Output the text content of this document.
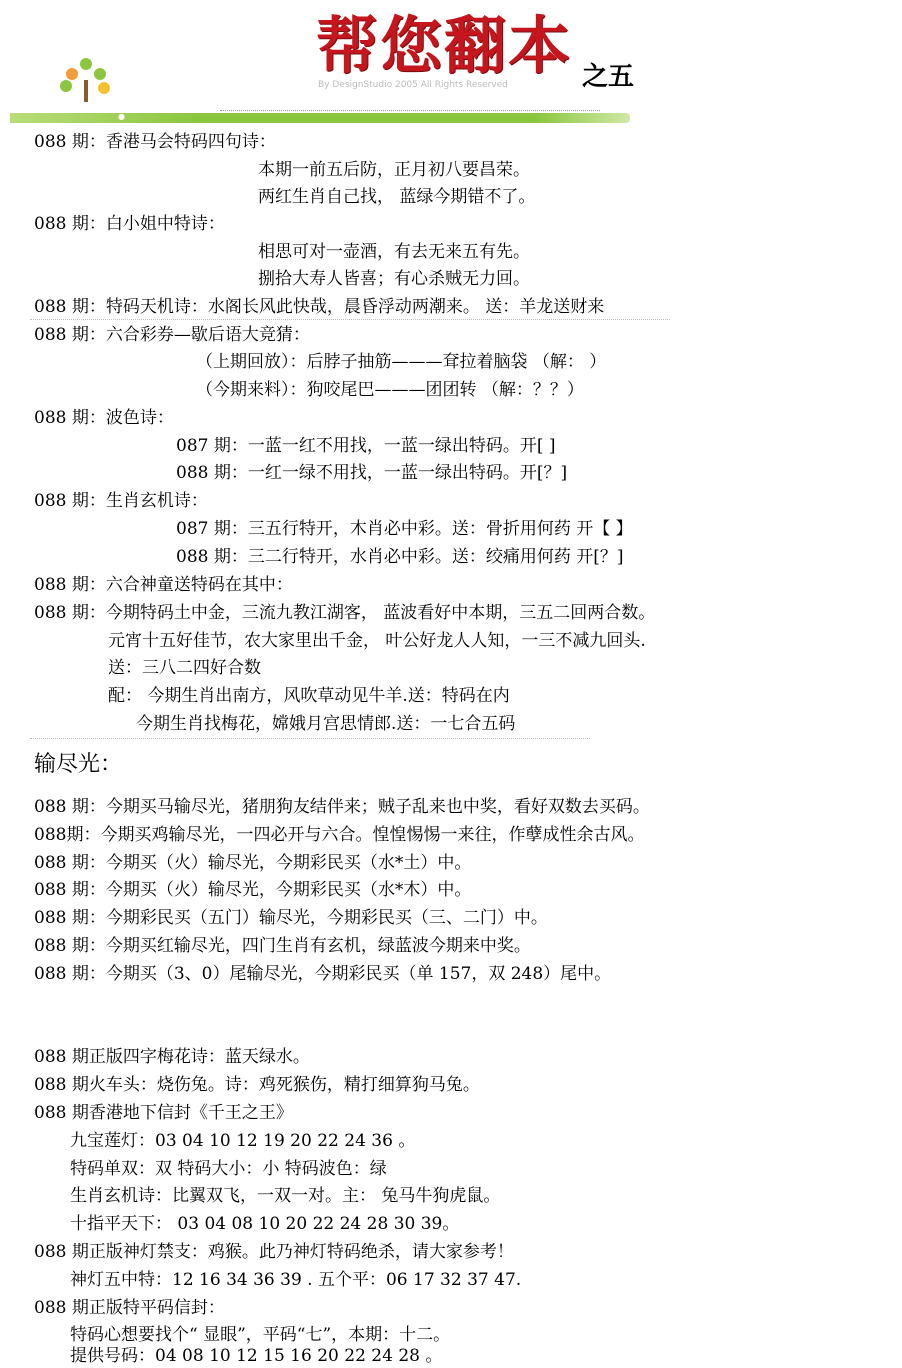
●
By DesignStudio 2005 All Rights Reserved
帮您翻本 之五
088 期：香港马会特码四句诗：
本期一前五后防，正月初八要昌荣。
两红生肖自己找， 蓝绿今期错不了。
088 期：白小姐中特诗：
相思可对一壶酒，有去无来五有先。
捌拾大寿人皆喜；有心杀贼无力回。
088 期：特码天机诗：水阁长风此快哉，晨昏浮动两潮来。 送：羊龙送财来
088 期：六合彩券—歇后语大竞猜：
（上期回放）：后脖子抽筋———耷拉着脑袋 （解： ）
（今期来料）：狗咬尾巴———团团转 （解：？？）
088 期：波色诗：
087 期：一蓝一红不用找，一蓝一绿出特码。开[ ]
088 期：一红一绿不用找，一蓝一绿出特码。开[？]
088 期：生肖玄机诗：
087 期：三五行特开，木肖必中彩。送：骨折用何药 开【 】
088 期：三二行特开，水肖必中彩。送：绞痛用何药 开[？]
088 期：六合神童送特码在其中：
088 期：今期特码土中金，三流九教江湖客， 蓝波看好中本期，三五二回两合数。
元宵十五好佳节，农大家里出千金， 叶公好龙人人知，一三不减九回头.
送：三八二四好合数
配： 今期生肖出南方，风吹草动见牛羊.送：特码在内
今期生肖找梅花，嫦娥月宫思情郎.送：一七合五码
输尽光：
088 期：今期买马输尽光，猪朋狗友结伴来；贼子乱来也中奖，看好双数去买码。
088期：今期买鸡输尽光，一四必开与六合。惶惶惕惕一来往，作孽成性余古风。
088 期：今期买（火）输尽光，今期彩民买（水*土）中。
088 期：今期买（火）输尽光，今期彩民买（水*木）中。
088 期：今期彩民买（五门）输尽光，今期彩民买（三、二门）中。
088 期：今期买红输尽光，四门生肖有玄机，绿蓝波今期来中奖。
088 期：今期买（3、0）尾输尽光，今期彩民买（单 157，双 248）尾中。
088 期正版四字梅花诗：蓝天绿水。
088 期火车头：烧伤兔。诗：鸡死猴伤，精打细算狗马兔。
088 期香港地下信封《千王之王》
九宝莲灯：03 04 10 12 19 20 22 24 36 。
特码单双：双 特码大小：小 特码波色：绿
生肖玄机诗：比翼双飞，一双一对。主： 兔马牛狗虎鼠。
十指平天下： 03 04 08 10 20 22 24 28 30 39。
088 期正版神灯禁支：鸡猴。此乃神灯特码绝杀，请大家参考！
神灯五中特：12 16 34 36 39 . 五个平：06 17 32 37 47.
088 期正版特平码信封：
特码心想要找个“ 显眼”，平码“七”，本期：十二。
提供号码：04 08 10 12 15 16 20 22 24 28 。
